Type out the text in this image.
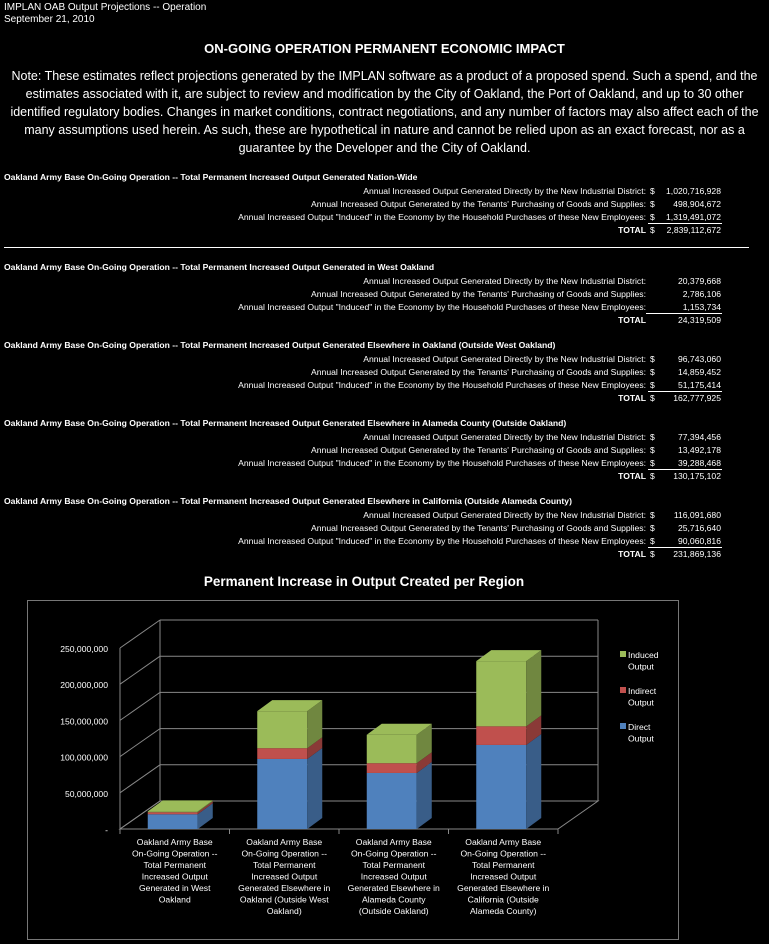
IMPLAN OAB Output Projections -- Operation
September 21, 2010
ON-GOING OPERATION PERMANENT ECONOMIC IMPACT
Note: These estimates reflect projections generated by the IMPLAN software as a product of a proposed spend. Such a spend, and the estimates associated with it, are subject to review and modification by the City of Oakland, the Port of Oakland, and up to 30 other identified regulatory bodies. Changes in market conditions, contract negotiations, and any number of factors may also affect each of the many assumptions used herein. As such, these are hypothetical in nature and cannot be relied upon as an exact forecast, nor as a guarantee by the Developer and the City of Oakland.
Oakland Army Base On-Going Operation -- Total Permanent Increased Output Generated Nation-Wide
Annual Increased Output Generated Directly by the New Industrial District: $ 1,020,716,928
Annual Increased Output Generated by the Tenants' Purchasing of Goods and Supplies: $ 498,904,672
Annual Increased Output "Induced" in the Economy by the Household Purchases of these New Employees: $ 1,319,491,072
TOTAL $ 2,839,112,672
Oakland Army Base On-Going Operation -- Total Permanent Increased Output Generated in West Oakland
Annual Increased Output Generated Directly by the New Industrial District:	20,379,668
Annual Increased Output Generated by the Tenants' Purchasing of Goods and Supplies:	2,786,106
Annual Increased Output "Induced" in the Economy by the Household Purchases of these New Employees:	1,153,734
TOTAL	24,319,509
Oakland Army Base On-Going Operation -- Total Permanent Increased Output Generated Elsewhere in Oakland (Outside West Oakland)
Annual Increased Output Generated Directly by the New Industrial District: $	96,743,060
Annual Increased Output Generated by the Tenants' Purchasing of Goods and Supplies: $	14,859,452
Annual Increased Output "Induced" in the Economy by the Household Purchases of these New Employees: $	51,175,414
TOTAL $ 162,777,925
Oakland Army Base On-Going Operation -- Total Permanent Increased Output Generated Elsewhere in Alameda County (Outside Oakland)
Annual Increased Output Generated Directly by the New Industrial District: $	77,394,456
Annual Increased Output Generated by the Tenants' Purchasing of Goods and Supplies: $	13,492,178
Annual Increased Output "Induced" in the Economy by the Household Purchases of these New Employees: $	39,288,468
TOTAL $ 130,175,102
Oakland Army Base On-Going Operation -- Total Permanent Increased Output Generated Elsewhere in California (Outside Alameda County)
Annual Increased Output Generated Directly by the New Industrial District: $ 116,091,680
Annual Increased Output Generated by the Tenants' Purchasing of Goods and Supplies: $	25,716,640
Annual Increased Output "Induced" in the Economy by the Household Purchases of these New Employees: $	90,060,816
TOTAL $ 231,869,136
Permanent Increase in Output Created per Region
-
50,000,000
100,000,000
150,000,000
200,000,000
250,000,000
Oakland Army Base On-Going Operation --Total Permanent Increased Output Generated in West Oakland
Oakland Army Base On-Going Operation --Total Permanent Increased Output Generated Elsewhere in Oakland (Outside West Oakland)
Oakland Army Base On-Going Operation --Total Permanent Increased Output Generated Elsewhere in Alameda County (Outside Oakland)
Oakland Army Base On-Going Operation --Total Permanent Increased Output Generated Elsewhere in California (Outside Alameda County)
Induced Output
Indirect Output
Direct Output
